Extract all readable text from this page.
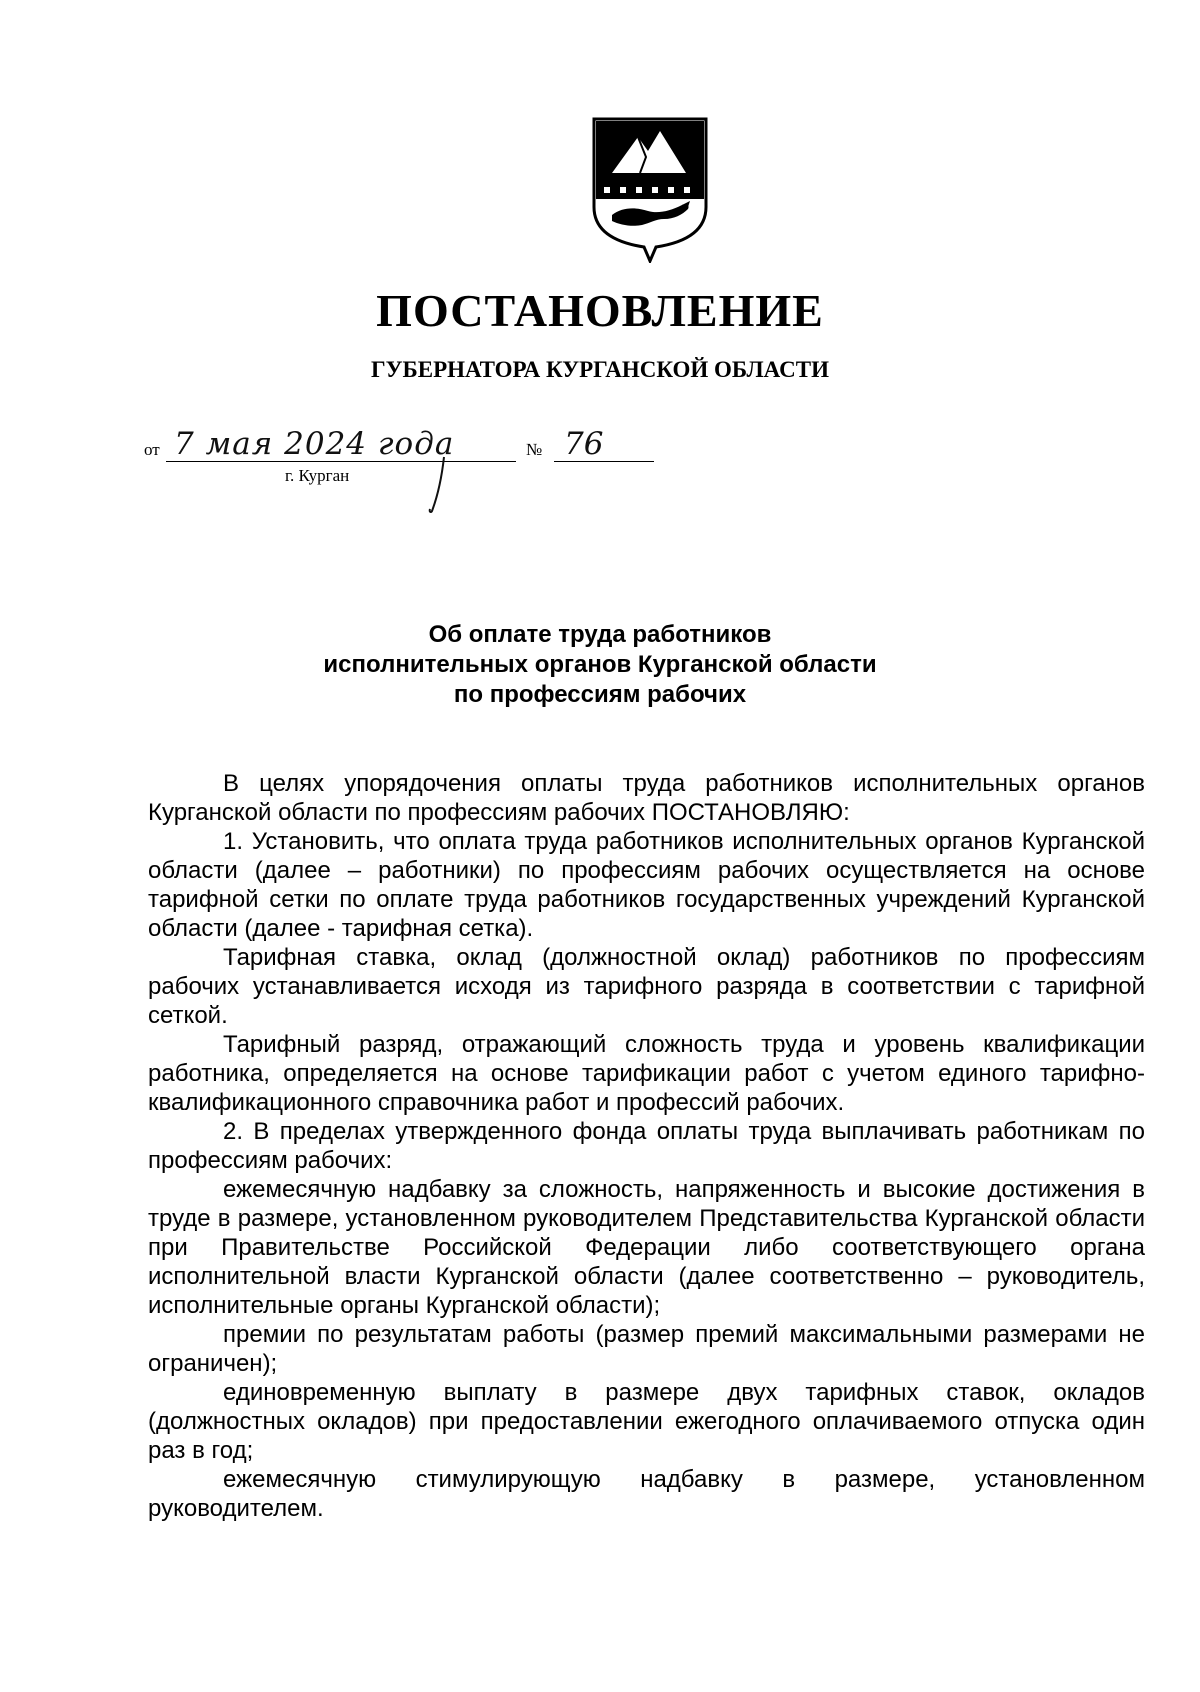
ПОСТАНОВЛЕНИЕ
ГУБЕРНАТОРА КУРГАНСКОЙ ОБЛАСТИ
от 7 мая 2024 года	№ 76
г. Курган
Об оплате труда работников
исполнительных органов Курганской области
по профессиям рабочих

В целях упорядочения оплаты труда работников исполнительных органов Курганской области по профессиям рабочих ПОСТАНОВЛЯЮ:

1. Установить, что оплата труда работников исполнительных органов Курганской области (далее – работники) по профессиям рабочих осуществляется на основе тарифной сетки по оплате труда работников государственных учреждений Курганской области (далее - тарифная сетка).

Тарифная ставка, оклад (должностной оклад) работников по профессиям рабочих устанавливается исходя из тарифного разряда в соответствии с тарифной сеткой.

Тарифный разряд, отражающий сложность труда и уровень квалификации работника, определяется на основе тарификации работ с учетом единого тарифно-квалификационного справочника работ и профессий рабочих.

2. В пределах утвержденного фонда оплаты труда выплачивать работникам по профессиям рабочих:

ежемесячную надбавку за сложность, напряженность и высокие достижения в труде в размере, установленном руководителем Представительства Курганской области при Правительстве Российской Федерации либо соответствующего органа исполнительной власти Курганской области (далее соответственно – руководитель, исполнительные органы Курганской области);

премии по результатам работы (размер премий максимальными размерами не ограничен);

единовременную выплату в размере двух тарифных ставок, окладов (должностных окладов) при предоставлении ежегодного оплачиваемого отпуска один раз в год;

ежемесячную стимулирующую надбавку в размере, установленном руководителем.
